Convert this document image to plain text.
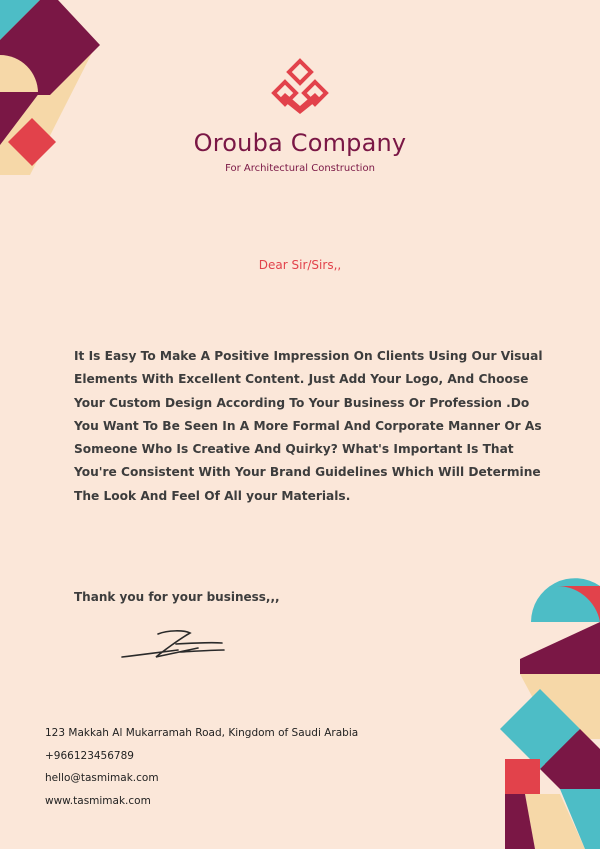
Orouba Company
For Architectural Construction
Dear Sir/Sirs,,
It Is Easy To Make A Positive Impression On Clients Using Our Visual Elements With Excellent Content. Just Add Your Logo, And Choose Your Custom Design According To Your Business Or Profession .Do You Want To Be Seen In A More Formal And Corporate Manner Or As Someone Who Is Creative And Quirky? What's Important Is That You're Consistent With Your Brand Guidelines Which Will Determine The Look And Feel Of All your Materials.
Thank you for your business,,,
123 Makkah Al Mukarramah Road, Kingdom of Saudi Arabia
+966123456789
hello@tasmimak.com
www.tasmimak.com
